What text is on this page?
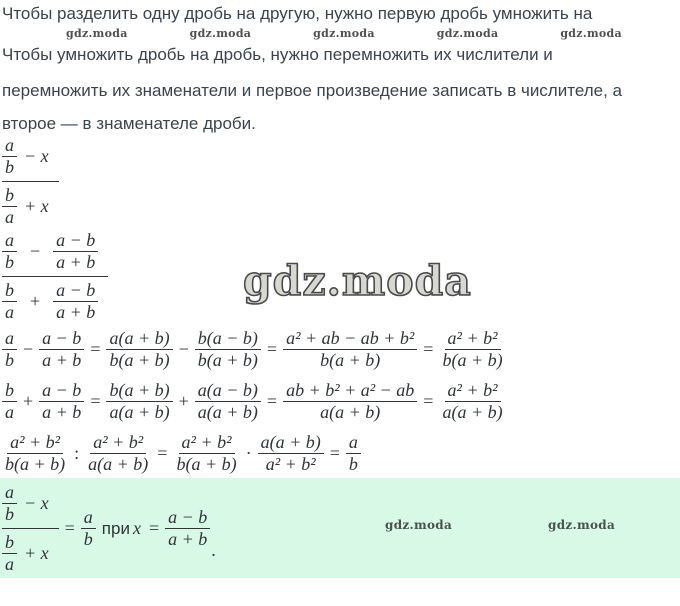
Чтобы разделить одну дробь на другую, нужно первую дробь умножить на

gdz.moda	gdz.moda	gdz.moda	gdz.moda	gdz.moda

Чтобы умножить дробь на дробь, нужно перемножить их числители и

перемножить их знаменатели и первое произведение записать в числителе, а

второе — в знаменателе дроби.

$\frac{\frac{a}{b} - x}{\frac{b}{a} + x}$
$\frac{a}{b} - \frac{a - b}{a + b}$
$\frac{b}{a} + \frac{a - b}{a + b}$
$\frac{a}{b} - \frac{a - b}{a + b} = \frac{a(a + b)}{b(a + b)} - \frac{b(a - b)}{b(a + b)} = \frac{\text{a² + ab − ab + b²}}{b(a + b)} = \frac{\text{a² + b²}}{b(a + b)}$
$\frac{b}{a} + \frac{a - b}{a + b} = \frac{b(a + b)}{a(a + b)} + \frac{a(a - b)}{a(a + b)} = \frac{\text{ab + b² + a² − ab}}{a(a + b)} = \frac{\text{a² + b²}}{a(a + b)}$
$\frac{\text{a² + b²}}{b(a + b)}$ : $\frac{\text{a² + b²}}{a(a + b)} = \frac{\text{a² + b²}}{b(a + b)} \cdot \frac{a(a + b)}{\text{a² + b²}} = \frac{a}{b}$
gdz.moda
$\frac{\frac{a}{b} - x}{\frac{b}{a} + x} = \frac{a}{b}$ при $x = \frac{a - b}{a + b}$
.
gdz.moda	gdz.moda
